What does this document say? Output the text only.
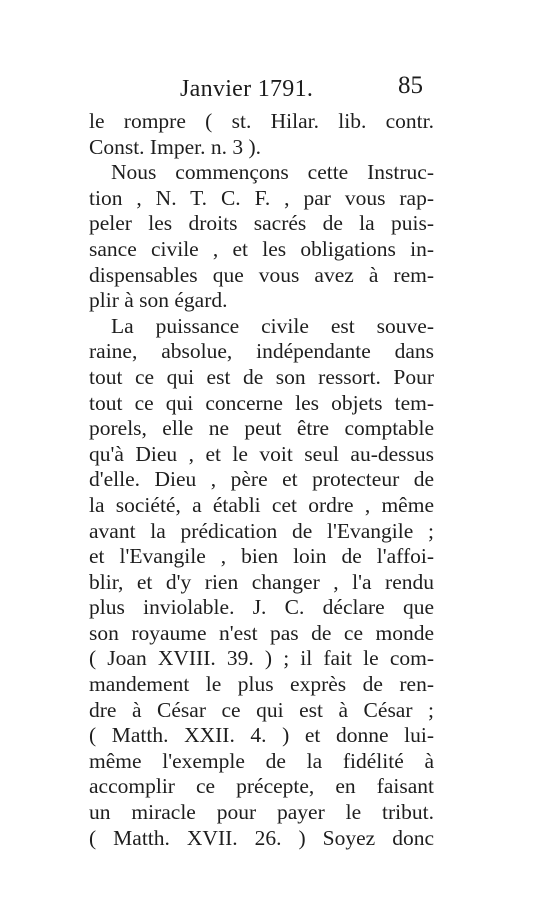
Janvier 1791.	85
le rompre ( st. Hilar. lib. contr.
Const. Imper. n. 3 ).
Nous commençons cette Instruc-
tion , N. T. C. F. , par vous rap-
peler les droits sacrés de la puis-
sance civile , et les obligations in-
dispensables que vous avez à rem-
plir à son égard.
La puissance civile est souve-
raine, absolue, indépendante dans
tout ce qui est de son ressort. Pour
tout ce qui concerne les objets tem-
porels, elle ne peut être comptable
qu'à Dieu , et le voit seul au-dessus
d'elle. Dieu , père et protecteur de
la société, a établi cet ordre , même
avant la prédication de l'Evangile ;
et l'Evangile , bien loin de l'affoi-
blir, et d'y rien changer , l'a rendu
plus inviolable. J. C. déclare que
son royaume n'est pas de ce monde
( Joan XVIII. 39. ) ; il fait le com-
mandement le plus exprès de ren-
dre à César ce qui est à César ;
( Matth. XXII. 4. ) et donne lui-
même l'exemple de la fidélité à
accomplir ce précepte, en faisant
un miracle pour payer le tribut.
( Matth. XVII. 26. ) Soyez donc
